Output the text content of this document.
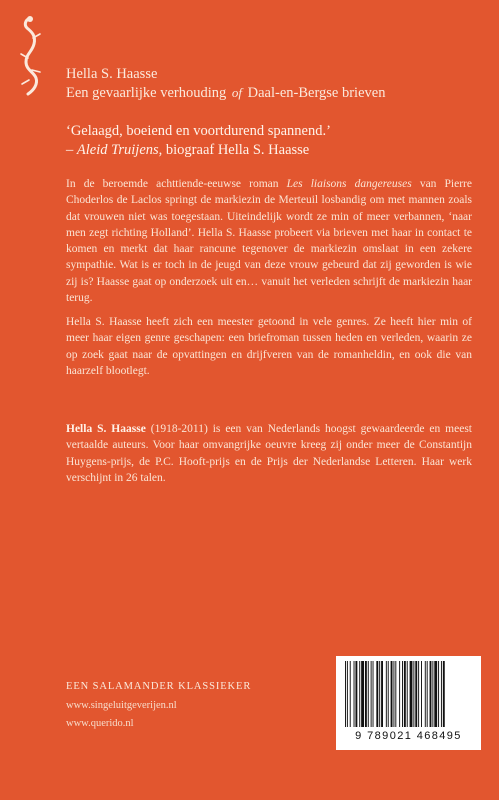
Hella S. Haasse
Een gevaarlijke verhouding of Daal-en-Bergse brieven
‘Gelaagd, boeiend en voortdurend spannend.’
– Aleid Truijens, biograaf Hella S. Haasse

In de beroemde achttiende-eeuwse roman Les liaisons dangereuses van Pierre Choderlos de Laclos springt de markiezin de Merteuil losbandig om met mannen zoals dat vrouwen niet was toegestaan. Uiteindelijk wordt ze min of meer verbannen, ‘naar men zegt richting Holland’. Hella S. Haasse probeert via brieven met haar in contact te komen en merkt dat haar rancune tegenover de markiezin omslaat in een zekere sympathie. Wat is er toch in de jeugd van deze vrouw gebeurd dat zij geworden is wie zij is? Haasse gaat op onderzoek uit en… vanuit het verleden schrijft de markiezin haar terug.

Hella S. Haasse heeft zich een meester getoond in vele genres. Ze heeft hier min of meer haar eigen genre geschapen: een briefroman tussen heden en verleden, waarin ze op zoek gaat naar de opvattingen en drijfveren van de romanheldin, en ook die van haarzelf blootlegt.

Hella S. Haasse (1918-2011) is een van Nederlands hoogst gewaardeerde en meest vertaalde auteurs. Voor haar omvangrijke oeuvre kreeg zij onder meer de Constantijn Huygens-prijs, de P.C. Hooft-prijs en de Prijs der Nederlandse Letteren. Haar werk verschijnt in 26 talen.

EEN SALAMANDER KLASSIEKER
www.singeluitgeverijen.nl
www.querido.nl
9 789021 468495
